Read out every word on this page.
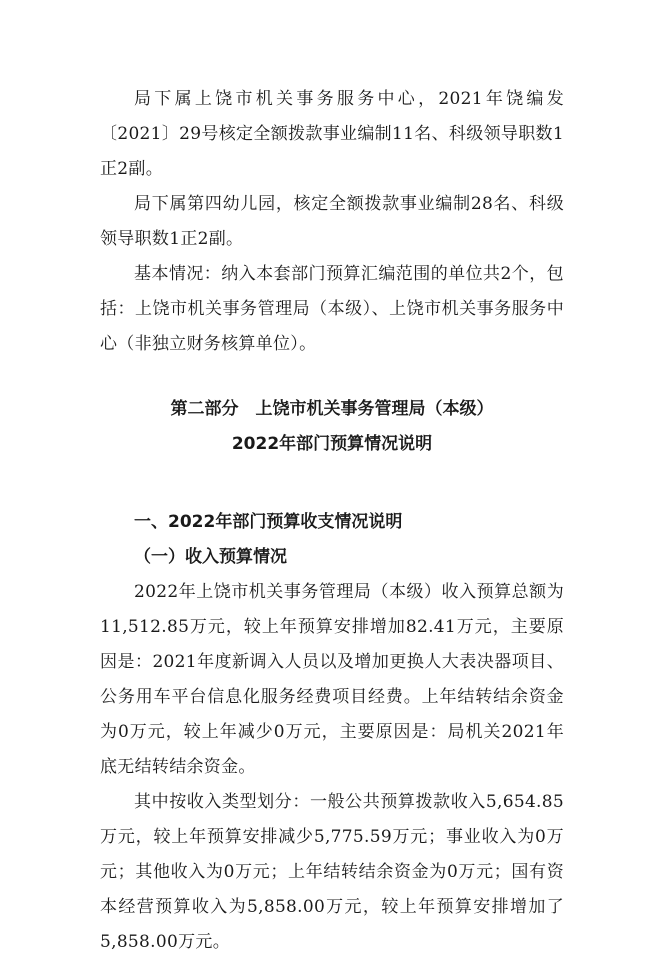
局下属上饶市机关事务服务中心，2021年饶编发〔2021〕29号核定全额拨款事业编制11名、科级领导职数1正2副。

局下属第四幼儿园，核定全额拨款事业编制28名、科级领导职数1正2副。

基本情况：纳入本套部门预算汇编范围的单位共2个，包括：上饶市机关事务管理局（本级）、上饶市机关事务服务中心（非独立财务核算单位）。

第二部分　上饶市机关事务管理局（本级）
2022年部门预算情况说明
一、2022年部门预算收支情况说明
（一）收入预算情况

2022年上饶市机关事务管理局（本级）收入预算总额为11,512.85万元，较上年预算安排增加82.41万元，主要原因是：2021年度新调入人员以及增加更换人大表决器项目、公务用车平台信息化服务经费项目经费。上年结转结余资金为0万元，较上年减少0万元，主要原因是：局机关2021年底无结转结余资金。

其中按收入类型划分：一般公共预算拨款收入5,654.85万元，较上年预算安排减少5,775.59万元；事业收入为0万元；其他收入为0万元；上年结转结余资金为0万元；国有资本经营预算收入为5,858.00万元，较上年预算安排增加了5,858.00万元。
